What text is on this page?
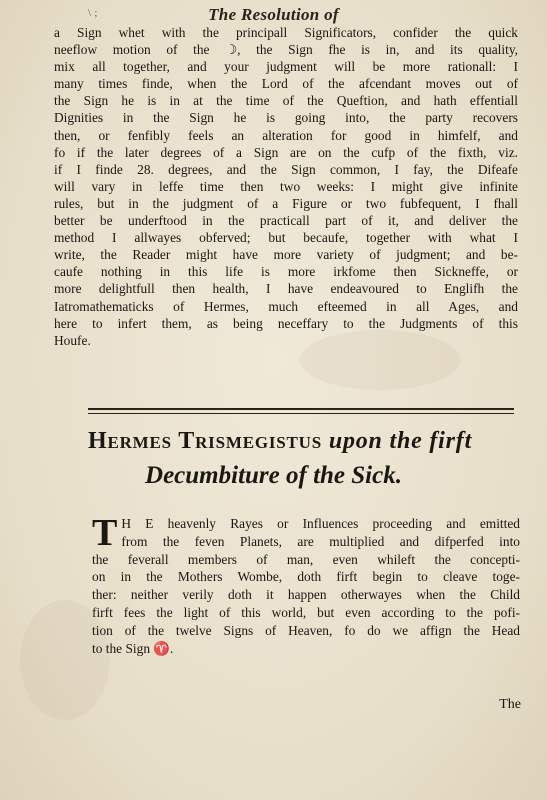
\ ;	The Resolution of
a Sign whet with the principall Significators, confider the quick
neeflow motion of the ☽, the Sign fhe is in, and its quality,
mix all together, and your judgment will be more rationall: I
many times finde, when the Lord of the afcendant moves out of
the Sign he is in at the time of the Queftion, and hath effentiall
Dignities in the Sign he is going into, the party recovers
then, or fenfibly feels an alteration for good in himfelf, and
fo if the later degrees of a Sign are on the cufp of the fixth, viz.
if I finde 28. degrees, and the Sign common, I fay, the Difeafe
will vary in leffe time then two weeks: I might give infinite
rules, but in the judgment of a Figure or two fubfequent, I fhall
better be underftood in the practicall part of it, and deliver the
method I allwayes obferved; but becaufe, together with what I
write, the Reader might have more variety of judgment; and be-
caufe nothing in this life is more irkfome then Sickneffe, or
more delightfull then health, I have endeavoured to Englifh the
Iatromathematicks of Hermes, much efteemed in all Ages, and
here to infert them, as being neceffary to the Judgments of this
Houfe.
Hermes Trismegistus upon the firft
Decumbiture of the Sick.
T H E heavenly Rayes or Influences proceeding and emitted
from the feven Planets, are multiplied and difperfed into
the feverall members of man, even whileft the concepti-
on in the Mothers Wombe, doth firft begin to cleave toge-
ther: neither verily doth it happen otherwayes when the Child
firft fees the light of this world, but even according to the pofi-
tion of the twelve Signs of Heaven, fo do we affign the Head
to the Sign ♈.
The
